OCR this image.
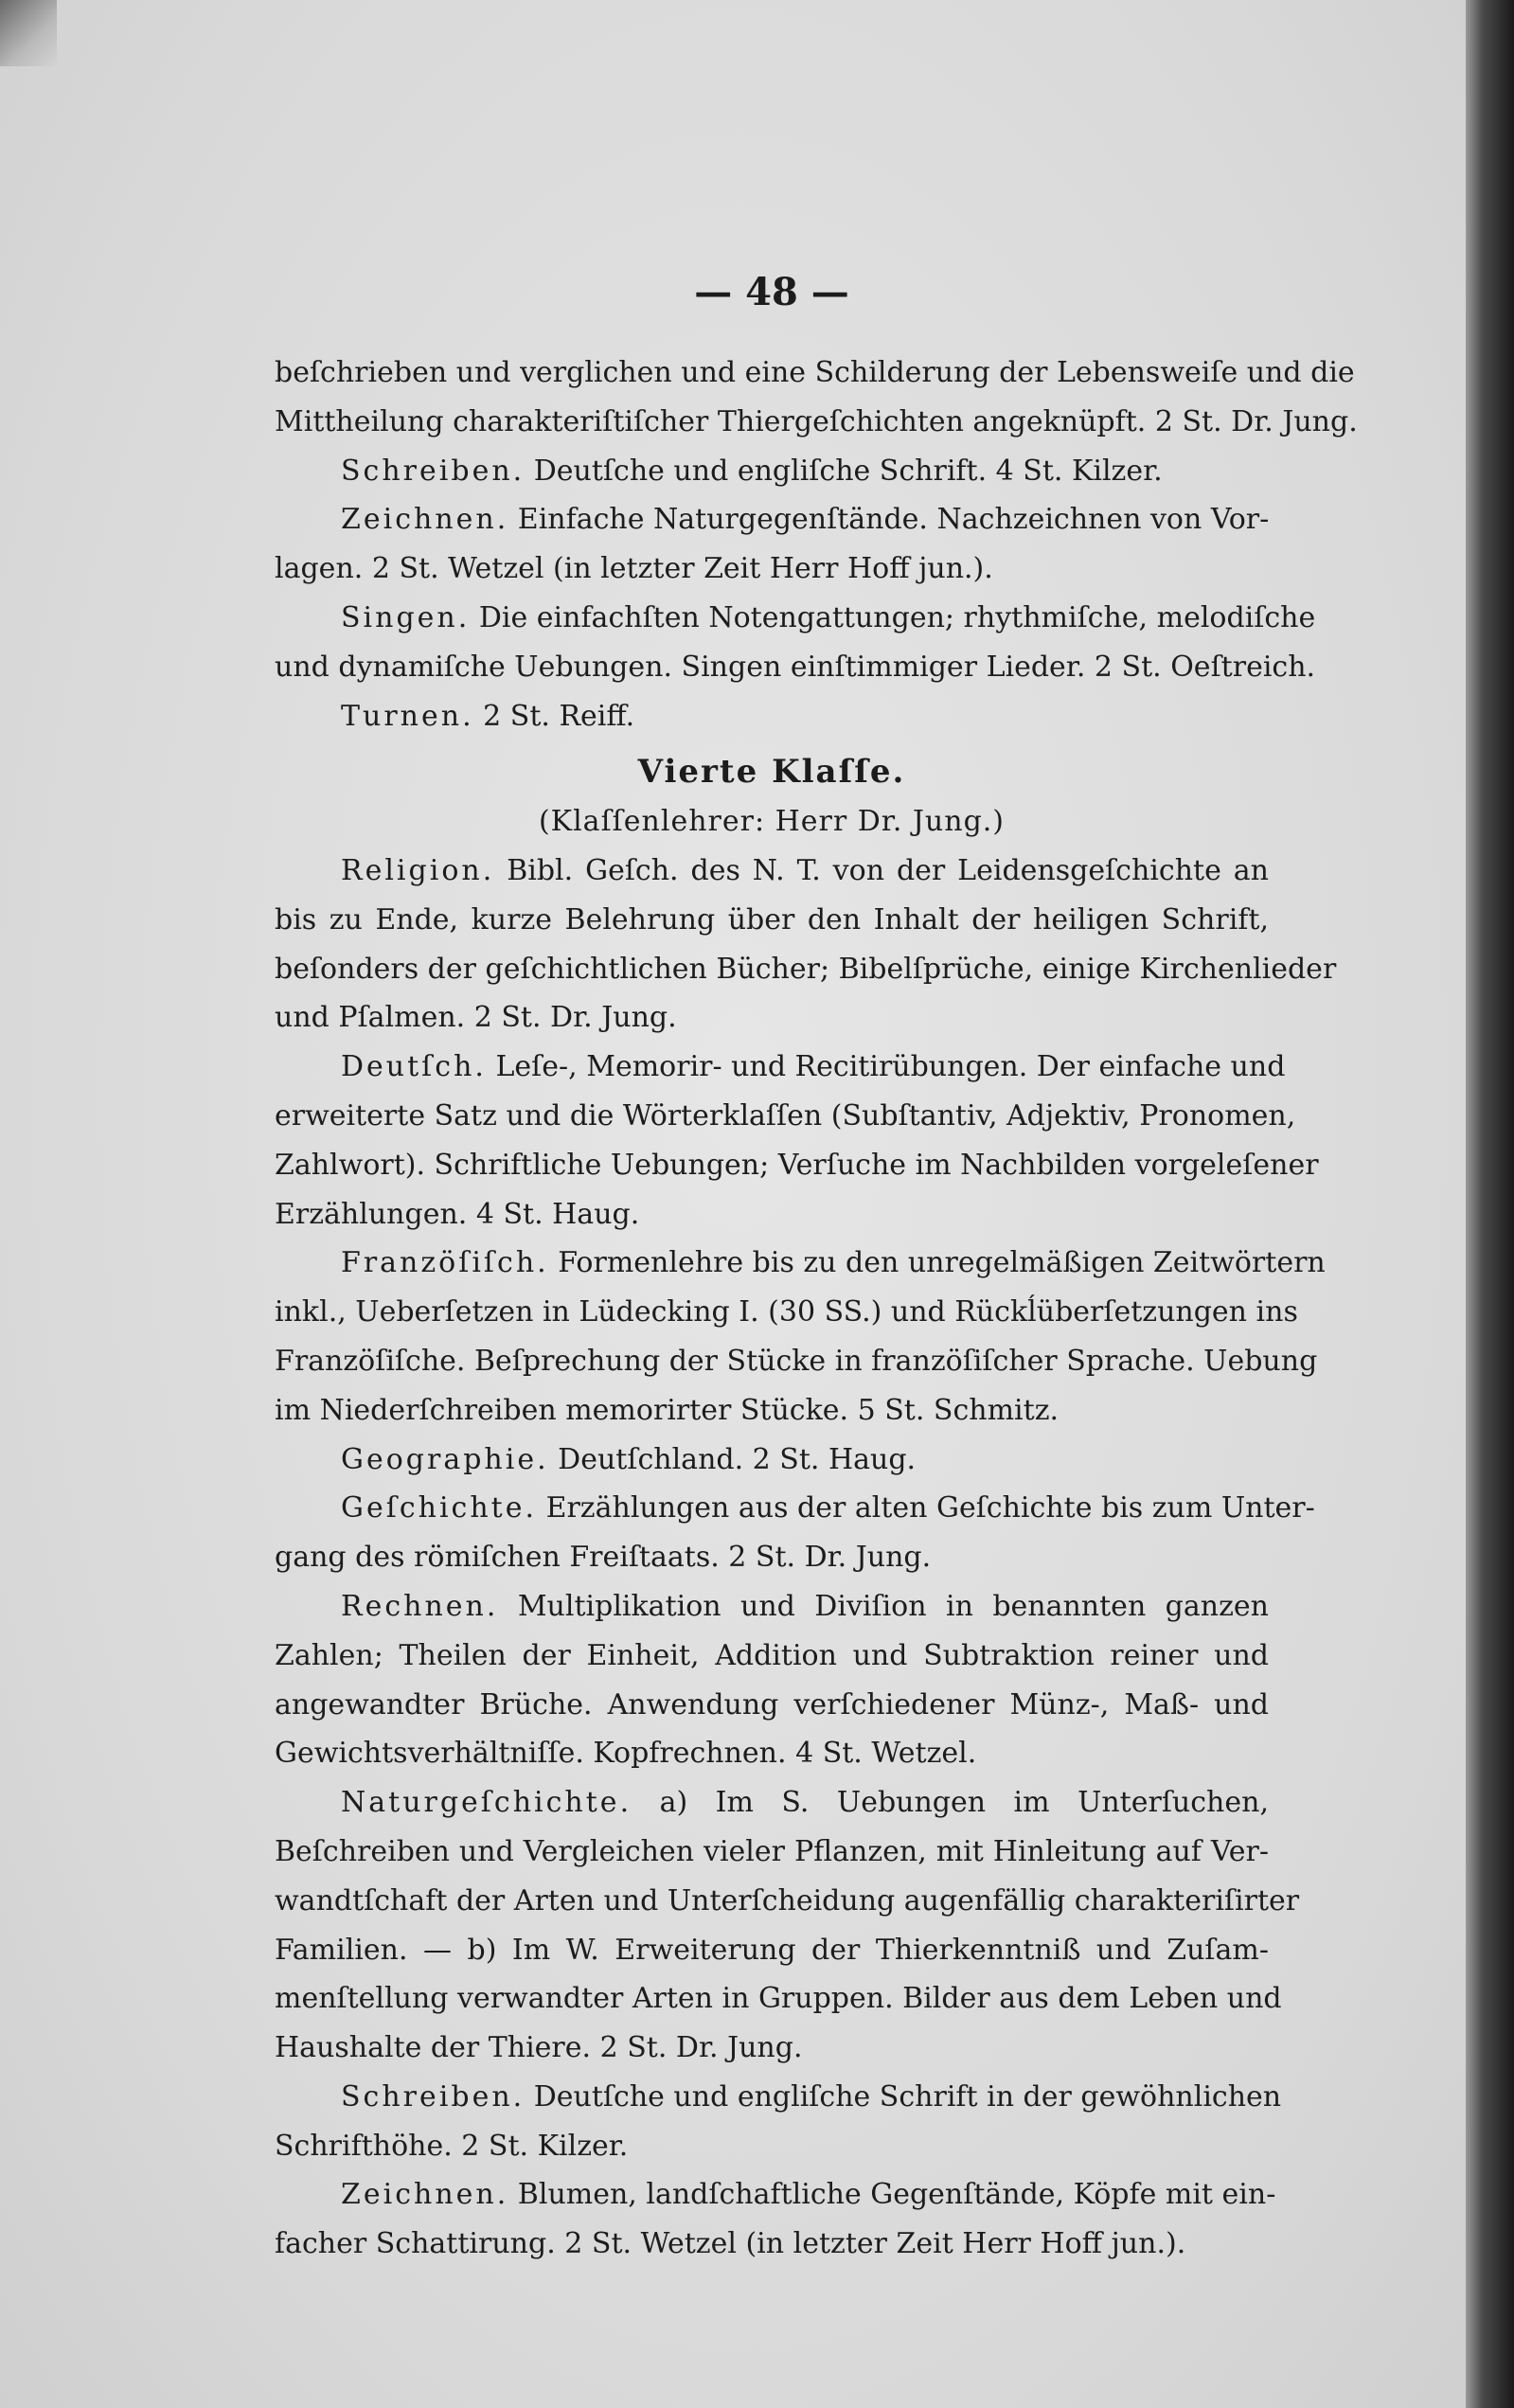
— 48 —
beſchrieben und verglichen und eine Schilderung der Lebensweiſe und die
Mittheilung charakteriſtiſcher Thiergeſchichten angeknüpft. 2 St. Dr. Jung.
Schreiben. Deutſche und engliſche Schrift. 4 St. Kilzer.
Zeichnen. Einfache Naturgegenſtände. Nachzeichnen von Vor-
lagen. 2 St. Wetzel (in letzter Zeit Herr Hoff jun.).
Singen. Die einfachſten Notengattungen; rhythmiſche, melodiſche
und dynamiſche Uebungen. Singen einſtimmiger Lieder. 2 St. Oeſtreich.
Turnen. 2 St. Reiff.
Vierte Klaſſe.
(Klaſſenlehrer: Herr Dr. Jung.)
Religion. Bibl. Geſch. des N. T. von der Leidensgeſchichte an
bis zu Ende, kurze Belehrung über den Inhalt der heiligen Schrift,
beſonders der geſchichtlichen Bücher; Bibelſprüche, einige Kirchenlieder
und Pſalmen. 2 St. Dr. Jung.
Deutſch. Leſe-, Memorir- und Recitirübungen. Der einfache und
erweiterte Satz und die Wörterklaſſen (Subſtantiv, Adjektiv, Pronomen,
Zahlwort). Schriftliche Uebungen; Verſuche im Nachbilden vorgeleſener
Erzählungen. 4 St. Haug.
Franzöſiſch. Formenlehre bis zu den unregelmäßigen Zeitwörtern
inkl., Ueberſetzen in Lüdecking I. (30 SS.) und Rückĺüberſetzungen ins
Franzöſiſche. Beſprechung der Stücke in franzöſiſcher Sprache. Uebung
im Niederſchreiben memorirter Stücke. 5 St. Schmitz.
Geographie. Deutſchland. 2 St. Haug.
Geſchichte. Erzählungen aus der alten Geſchichte bis zum Unter-
gang des römiſchen Freiſtaats. 2 St. Dr. Jung.
Rechnen. Multiplikation und Diviſion in benannten ganzen
Zahlen; Theilen der Einheit, Addition und Subtraktion reiner und
angewandter Brüche. Anwendung verſchiedener Münz-, Maß- und
Gewichtsverhältniſſe. Kopfrechnen. 4 St. Wetzel.
Naturgeſchichte. a) Im S. Uebungen im Unterſuchen,
Beſchreiben und Vergleichen vieler Pflanzen, mit Hinleitung auf Ver-
wandtſchaft der Arten und Unterſcheidung augenfällig charakteriſirter
Familien. — b) Im W. Erweiterung der Thierkenntniß und Zuſam-
menſtellung verwandter Arten in Gruppen. Bilder aus dem Leben und
Haushalte der Thiere. 2 St. Dr. Jung.
Schreiben. Deutſche und engliſche Schrift in der gewöhnlichen
Schrifthöhe. 2 St. Kilzer.
Zeichnen. Blumen, landſchaftliche Gegenſtände, Köpfe mit ein-
facher Schattirung. 2 St. Wetzel (in letzter Zeit Herr Hoff jun.).
